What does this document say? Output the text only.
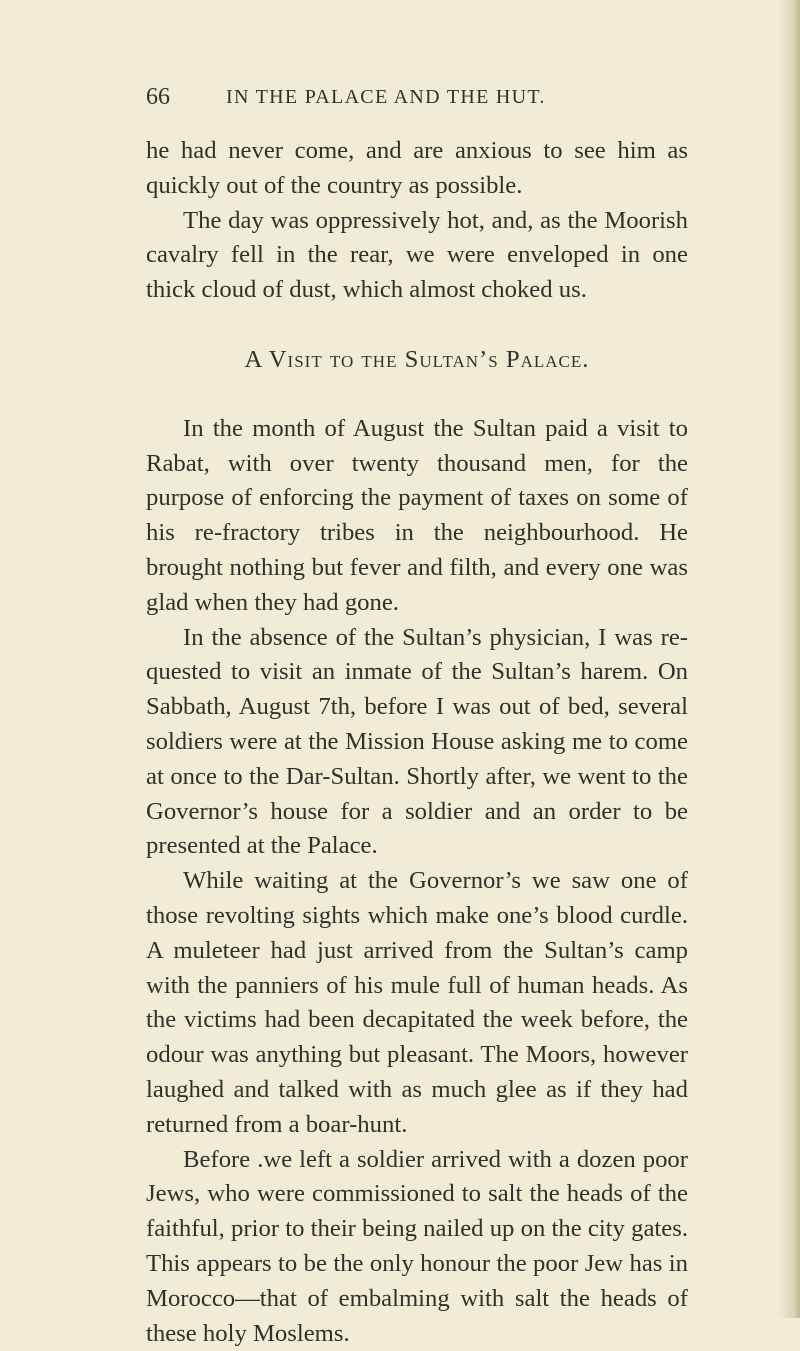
66	IN THE PALACE AND THE HUT.

he had never come, and are anxious to see him as quickly out of the country as possible.

The day was oppressively hot, and, as the Moorish cavalry fell in the rear, we were enveloped in one thick cloud of dust, which almost choked us.

A Visit to the Sultan’s Palace.

In the month of August the Sultan paid a visit to Rabat, with over twenty thousand men, for the purpose of enforcing the payment of taxes on some of his re-fractory tribes in the neighbourhood. He brought nothing but fever and filth, and every one was glad when they had gone.

In the absence of the Sultan’s physician, I was re-quested to visit an inmate of the Sultan’s harem. On Sabbath, August 7th, before I was out of bed, several soldiers were at the Mission House asking me to come at once to the Dar-Sultan. Shortly after, we went to the Governor’s house for a soldier and an order to be presented at the Palace.

While waiting at the Governor’s we saw one of those revolting sights which make one’s blood curdle. A muleteer had just arrived from the Sultan’s camp with the panniers of his mule full of human heads. As the victims had been decapitated the week before, the odour was anything but pleasant. The Moors, however laughed and talked with as much glee as if they had returned from a boar-hunt.

Before .we left a soldier arrived with a dozen poor Jews, who were commissioned to salt the heads of the faithful, prior to their being nailed up on the city gates. This appears to be the only honour the poor Jew has in Morocco—that of embalming with salt the heads of these holy Moslems.
